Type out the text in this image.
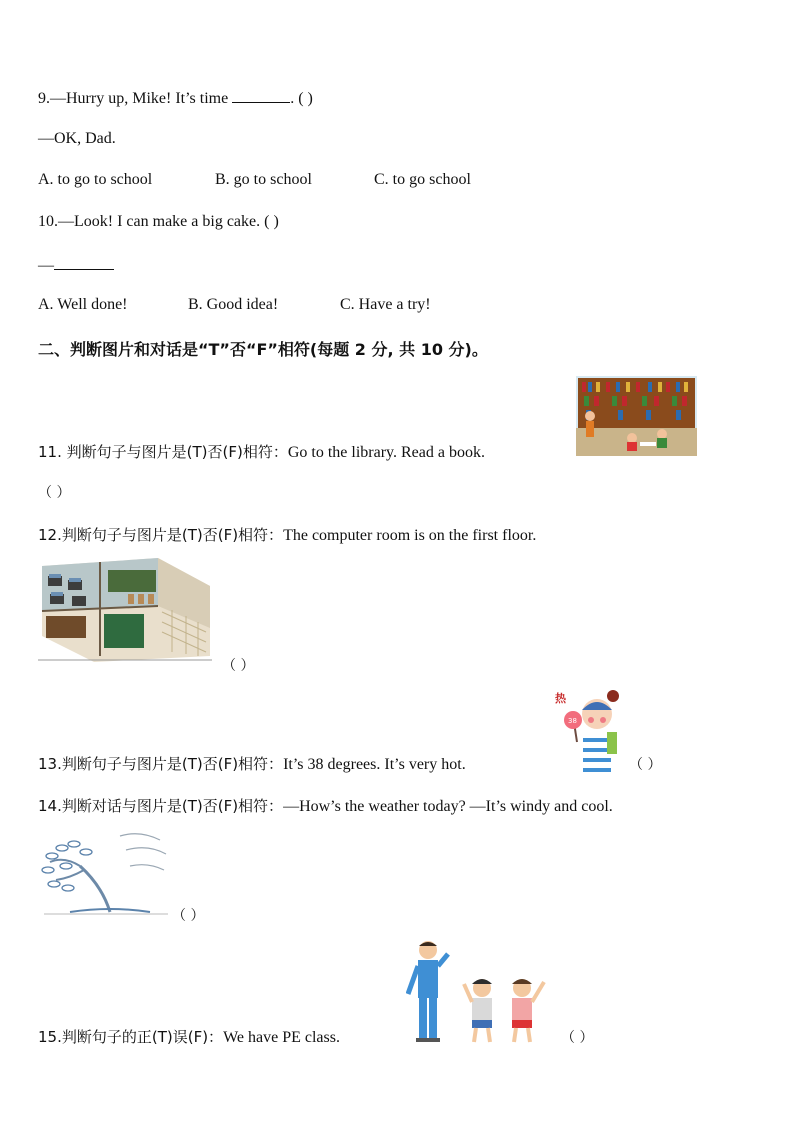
9.—Hurry up, Mike! It’s time	. ( )
—OK, Dad.
A. to go to school	B. go to school	C. to go school
10.—Look! I can make a big cake. ( )
—
A. Well done!	B. Good idea!	C. Have a try!
二、判断图片和对话是“T”否“F”相符(每题 2 分, 共 10 分)。
11. 判断句子与图片是(T)否(F)相符：Go to the library. Read a book.
（ ）
12.判断句子与图片是(T)否(F)相符：The computer room is on the first floor.
（ ）
13.判断句子与图片是(T)否(F)相符：It’s 38 degrees. It’s very hot.
热
38
（ ）
14.判断对话与图片是(T)否(F)相符：—How’s the weather today? —It’s windy and cool.
（ ）
15.判断句子的正(T)误(F)：We have PE class.	（ ）
